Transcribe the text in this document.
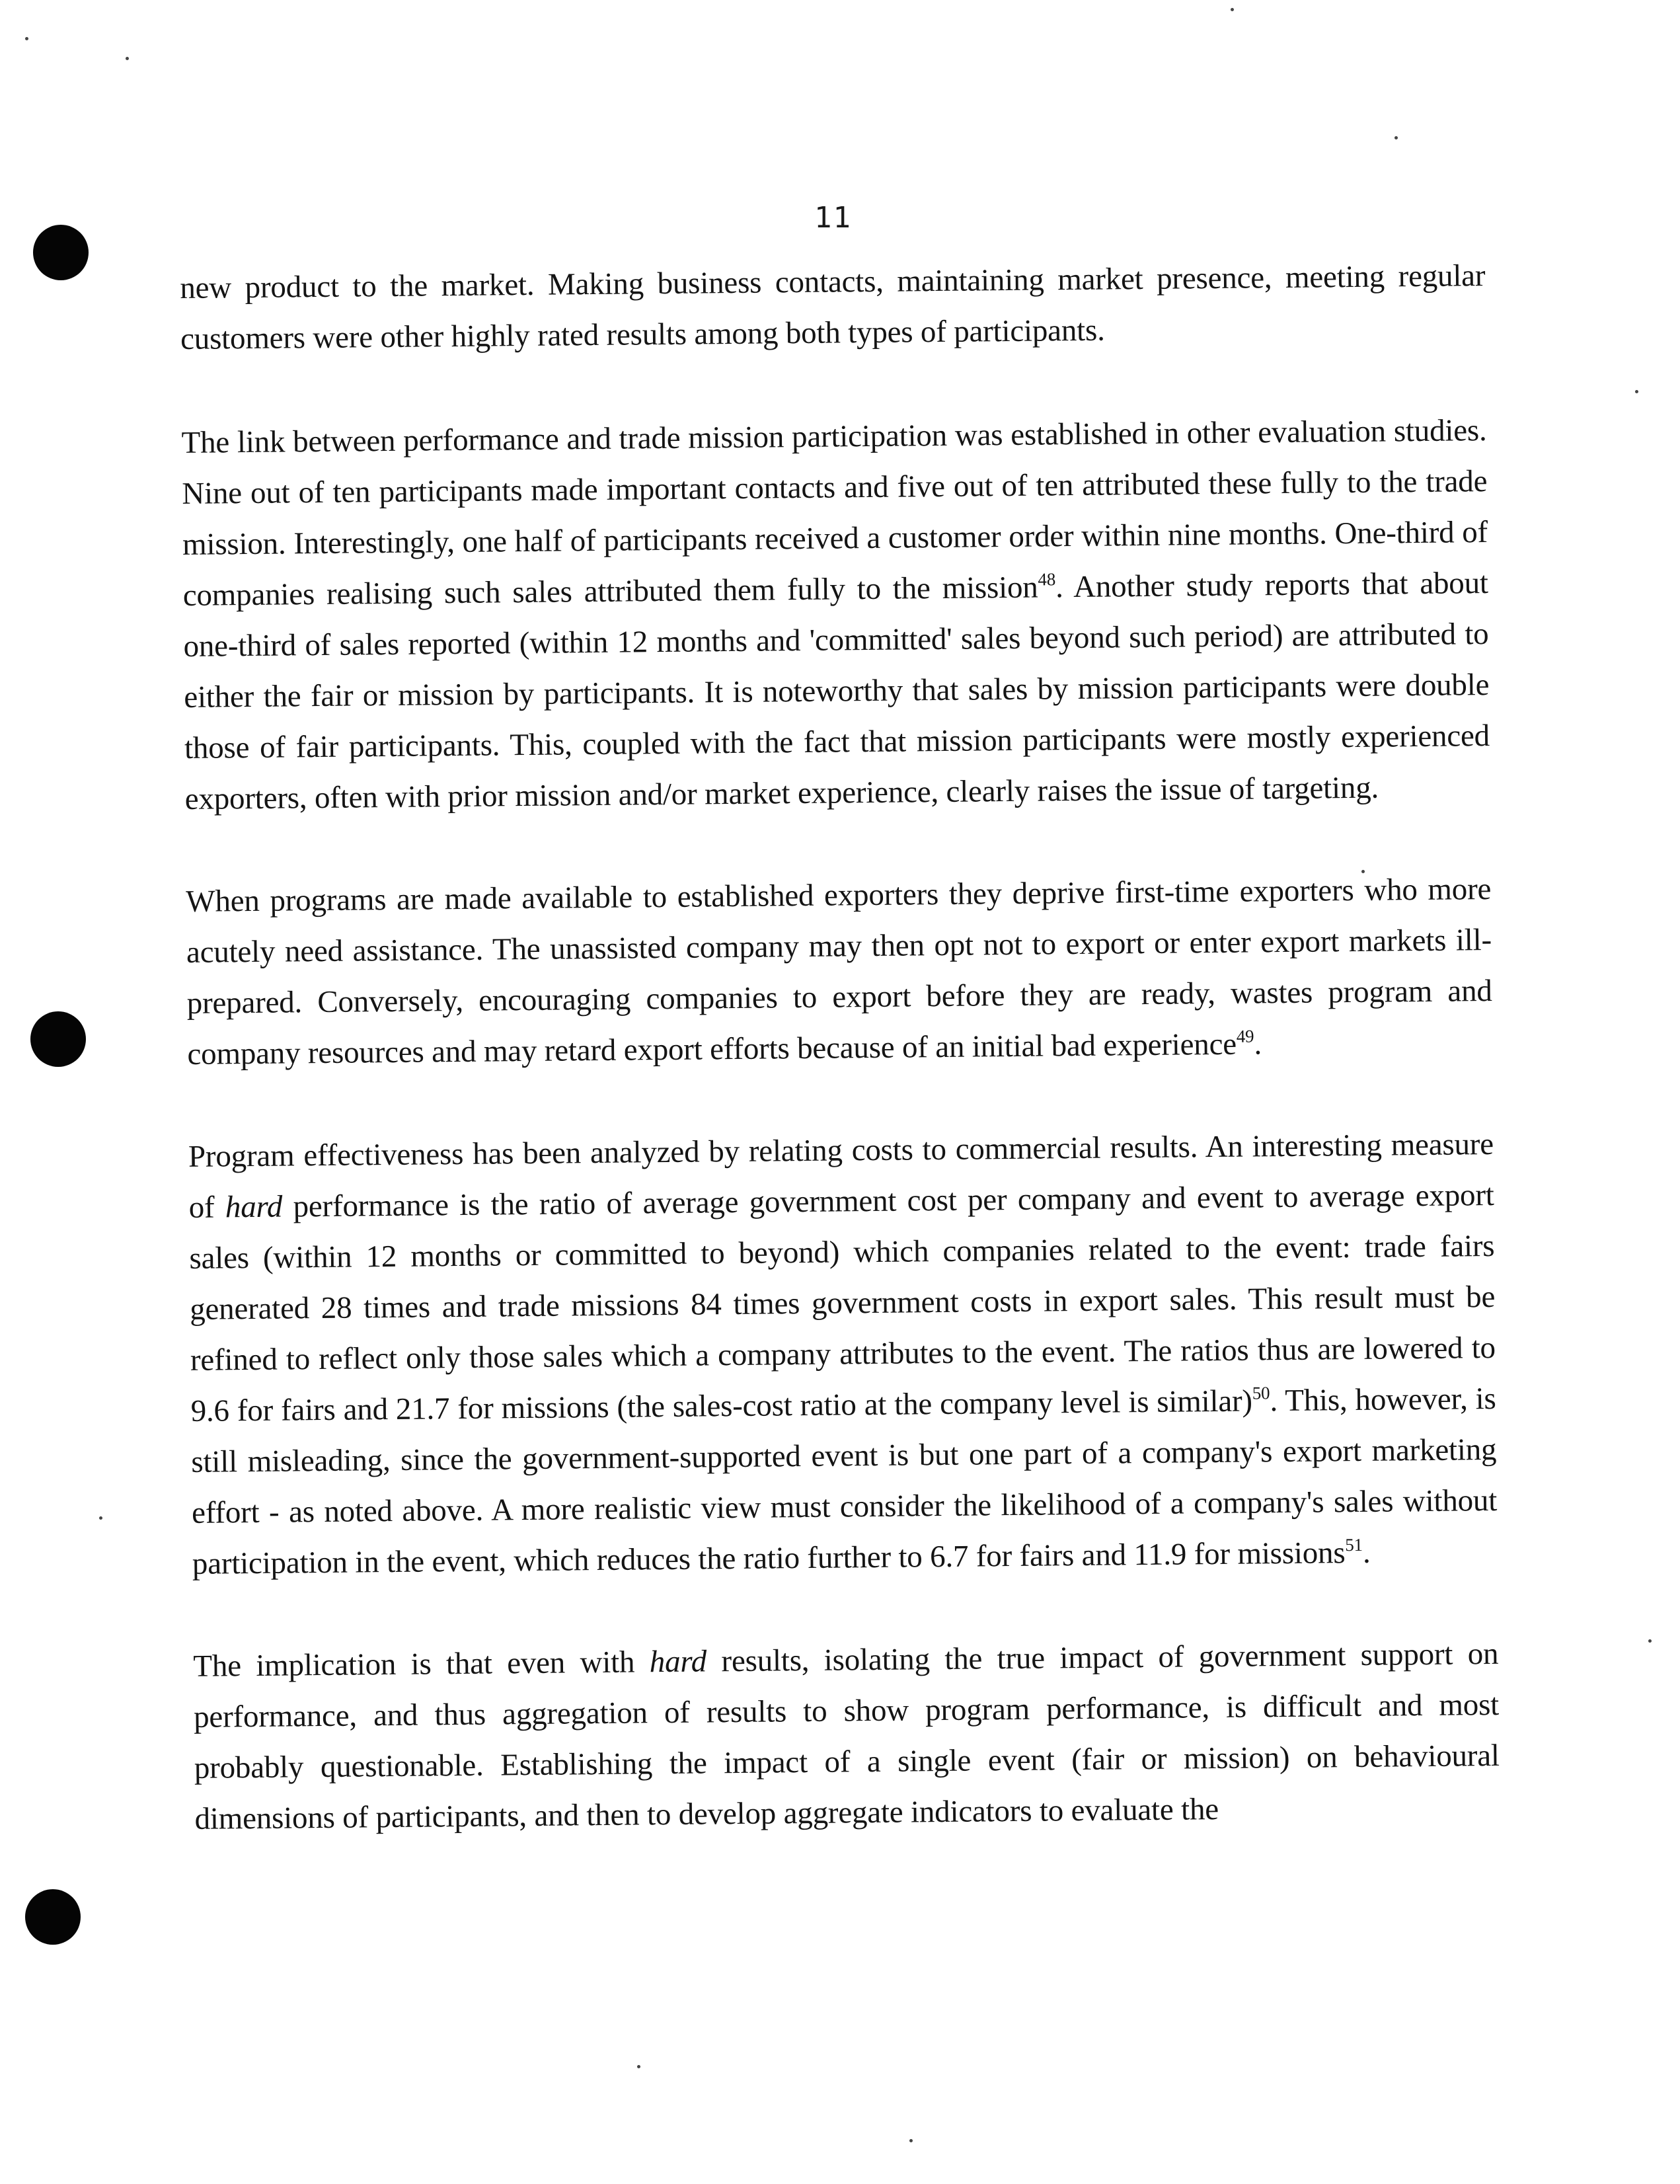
11

new product to the market. Making business contacts, maintaining market presence, meeting regular customers were other highly rated results among both types of participants.

The link between performance and trade mission participation was established in other evaluation studies. Nine out of ten participants made important contacts and five out of ten attributed these fully to the trade mission. Interestingly, one half of participants received a customer order within nine months. One-third of companies realising such sales attributed them fully to the mission$^{48}$. Another study reports that about one-third of sales reported (within 12 months and 'committed' sales beyond such period) are attributed to either the fair or mission by participants. It is noteworthy that sales by mission participants were double those of fair participants. This, coupled with the fact that mission participants were mostly experienced exporters, often with prior mission and/or market experience, clearly raises the issue of targeting.

When programs are made available to established exporters they deprive first-time exporters who more acutely need assistance. The unassisted company may then opt not to export or enter export markets ill-prepared. Conversely, encouraging companies to export before they are ready, wastes program and company resources and may retard export efforts because of an initial bad experience$^{49}$.

Program effectiveness has been analyzed by relating costs to commercial results. An interesting measure of hard performance is the ratio of average government cost per company and event to average export sales (within 12 months or committed to beyond) which companies related to the event: trade fairs generated 28 times and trade missions 84 times government costs in export sales. This result must be refined to reflect only those sales which a company attributes to the event. The ratios thus are lowered to 9.6 for fairs and 21.7 for missions (the sales-cost ratio at the company level is similar)$^{50}$. This, however, is still misleading, since the government-supported event is but one part of a company's export marketing effort - as noted above. A more realistic view must consider the likelihood of a company's sales without participation in the event, which reduces the ratio further to 6.7 for fairs and 11.9 for missions$^{51}$.

The implication is that even with hard results, isolating the true impact of government support on performance, and thus aggregation of results to show program performance, is difficult and most probably questionable. Establishing the impact of a single event (fair or mission) on behavioural dimensions of participants, and then to develop aggregate indicators to evaluate the
